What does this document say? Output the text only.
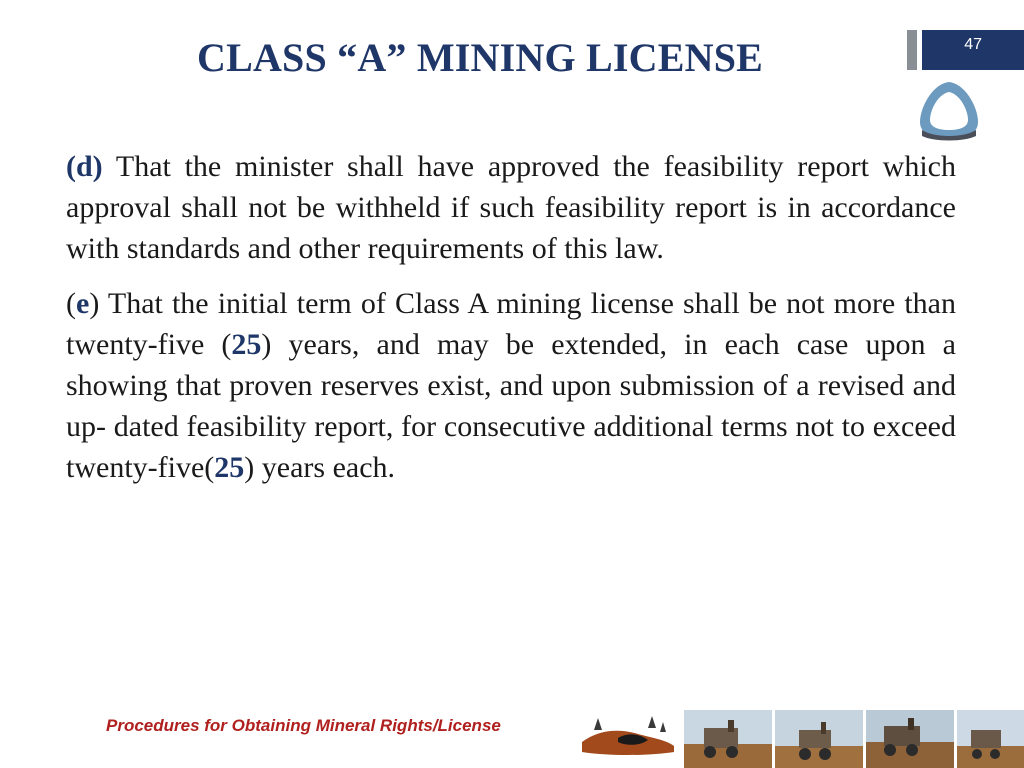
CLASS “A” MINING LICENSE	47

(d) That the minister shall have approved the feasibility report which approval shall not be withheld if such feasibility report is in accordance with standards and other requirements of this law.

(e) That the initial term of Class A mining license shall be not more than twenty-five (25) years, and may be extended, in each case upon a showing that proven reserves exist, and upon submission of a revised and up- dated feasibility report, for consecutive additional terms not to exceed twenty-five(25) years each.

Procedures for Obtaining Mineral Rights/License
